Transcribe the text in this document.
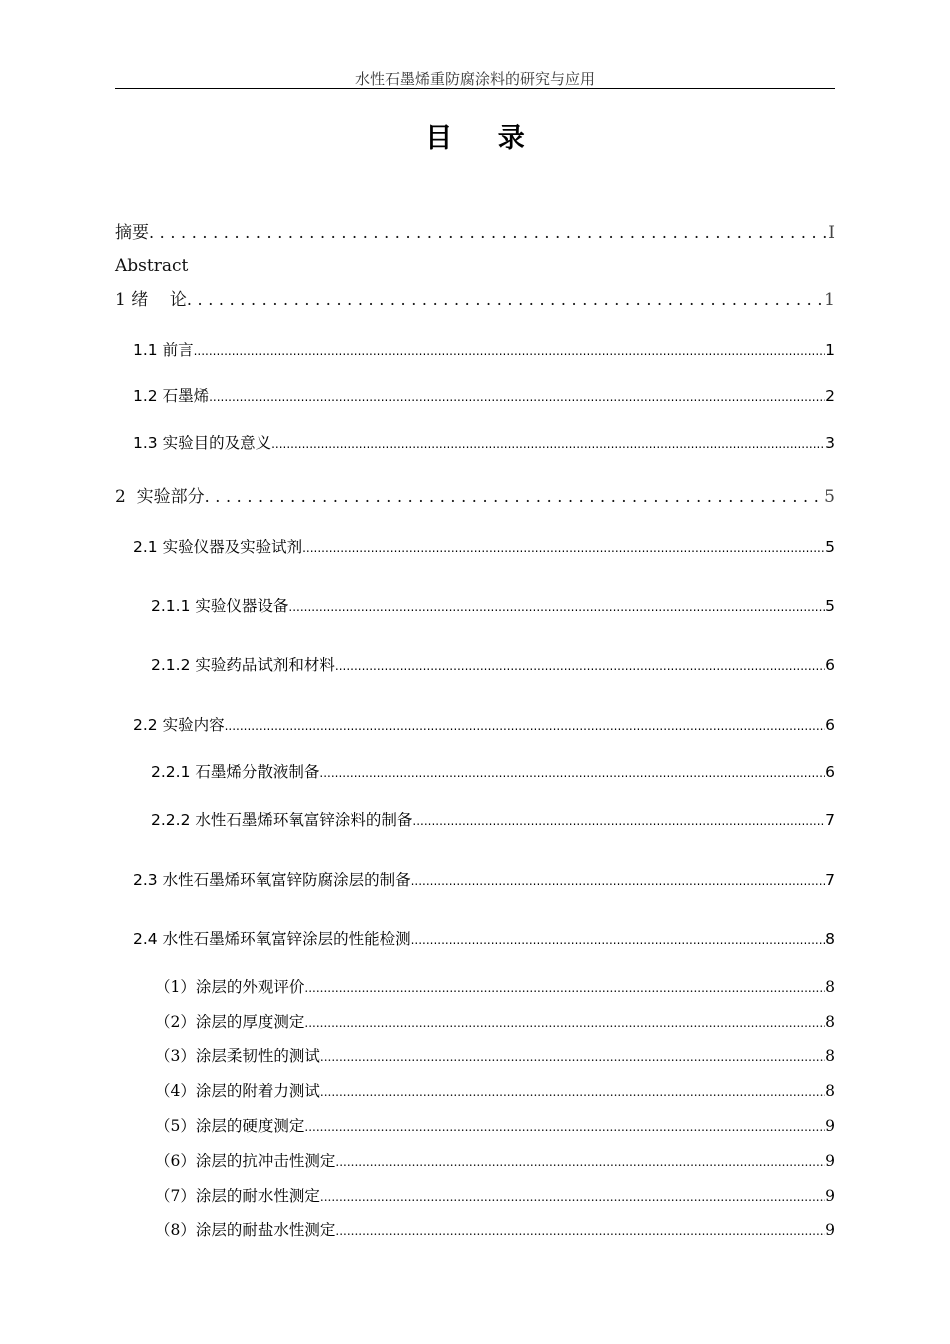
水性石墨烯重防腐涂料的研究与应用
目 录
摘要 .....	I
Abstract
1 绪    论 .....	1
1.1 前言 .....	1
1.2 石墨烯 .....	2
1.3 实验目的及意义 .....	3
2  实验部分 .....	5
2.1 实验仪器及实验试剂 .....	5
2.1.1 实验仪器设备 .....	5
2.1.2 实验药品试剂和材料 .....	6
2.2 实验内容 .....	6
2.2.1 石墨烯分散液制备 .....	6
2.2.2 水性石墨烯环氧富锌涂料的制备 .....	7
2.3 水性石墨烯环氧富锌防腐涂层的制备 .....	7
2.4 水性石墨烯环氧富锌涂层的性能检测 .....	8
（1）涂层的外观评价 .....	8
（2）涂层的厚度测定 .....	8
（3）涂层柔韧性的测试 .....	8
（4）涂层的附着力测试 .....	8
（5）涂层的硬度测定 .....	9
（6）涂层的抗冲击性测定 .....	9
（7）涂层的耐水性测定 .....	9
（8）涂层的耐盐水性测定 .....	9
